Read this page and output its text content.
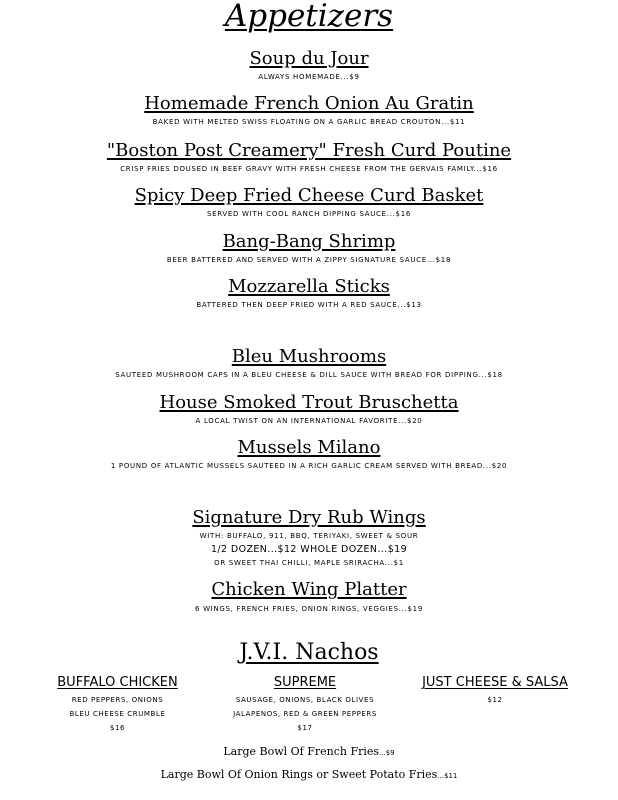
Appetizers
Soup du Jour
ALWAYS HOMEMADE...$9
Homemade French Onion Au Gratin
BAKED WITH MELTED SWISS FLOATING ON A GARLIC BREAD CROUTON...$11
"Boston Post Creamery" Fresh Curd Poutine
CRISP FRIES DOUSED IN BEEF GRAVY WITH FRESH CHEESE FROM THE GERVAIS FAMILY...$16
Spicy Deep Fried Cheese Curd Basket
SERVED WITH COOL RANCH DIPPING SAUCE...$16
Bang-Bang Shrimp
BEER BATTERED AND SERVED WITH A ZIPPY SIGNATURE SAUCE...$18
Mozzarella Sticks
BATTERED THEN DEEP FRIED WITH A RED SAUCE...$13
Bleu Mushrooms
SAUTEED MUSHROOM CAPS IN A BLEU CHEESE & DILL SAUCE WITH BREAD FOR DIPPING...$18
House Smoked Trout Bruschetta
A LOCAL TWIST ON AN INTERNATIONAL FAVORITE...$20
Mussels Milano
1 POUND OF ATLANTIC MUSSELS SAUTEED IN A RICH GARLIC CREAM SERVED WITH BREAD...$20
Signature Dry Rub Wings
WITH: BUFFALO, 911, BBQ, TERIYAKI, SWEET & SOUR
1/2 DOZEN...$12 WHOLE DOZEN...$19
OR SWEET THAI CHILLI, MAPLE SRIRACHA...$1
Chicken Wing Platter
6 WINGS, FRENCH FRIES, ONION RINGS, VEGGIES...$19
J.V.I. Nachos
BUFFALO CHICKEN
RED PEPPERS, ONIONS
BLEU CHEESE CRUMBLE
$16
SUPREME
SAUSAGE, ONIONS, BLACK OLIVES
JALAPENOS, RED & GREEN PEPPERS
$17
JUST CHEESE & SALSA
$12
Large Bowl Of French Fries...$9
Large Bowl Of Onion Rings or Sweet Potato Fries...$11
